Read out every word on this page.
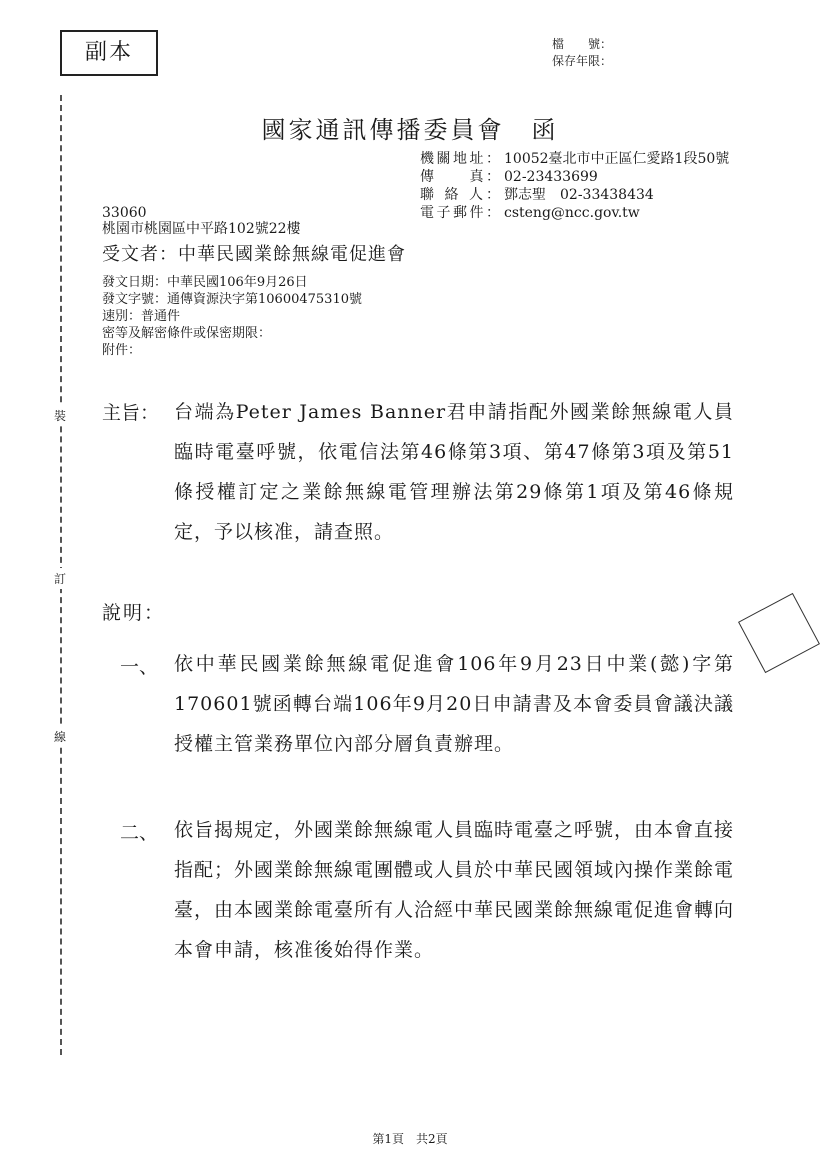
副本	檔　　號：
保存年限：
裝
訂
線
國家通訊傳播委員會　函
機關地址： 10052臺北市中正區仁愛路1段50號
傳　　真： 02-23433699
聯 絡 人： 鄧志聖　02-33438434
電子郵件： csteng@ncc.gov.tw
33060
桃園市桃園區中平路102號22樓
受文者：中華民國業餘無線電促進會
發文日期：中華民國106年9月26日
發文字號：通傳資源決字第10600475310號
速別：普通件
密等及解密條件或保密期限：
附件：
主旨： 台端為Peter James Banner君申請指配外國業餘無線電人員臨時電臺呼號，依電信法第46條第3項、第47條第3項及第51條授權訂定之業餘無線電管理辦法第29條第1項及第46條規定，予以核准，請查照。
說明：
一、 依中華民國業餘無線電促進會106年9月23日中業(懿)字第170601號函轉台端106年9月20日申請書及本會委員會議決議授權主管業務單位內部分層負責辦理。
二、 依旨揭規定，外國業餘無線電人員臨時電臺之呼號，由本會直接指配；外國業餘無線電團體或人員於中華民國領域內操作業餘電臺，由本國業餘電臺所有人洽經中華民國業餘無線電促進會轉向本會申請，核准後始得作業。
第1頁　共2頁
